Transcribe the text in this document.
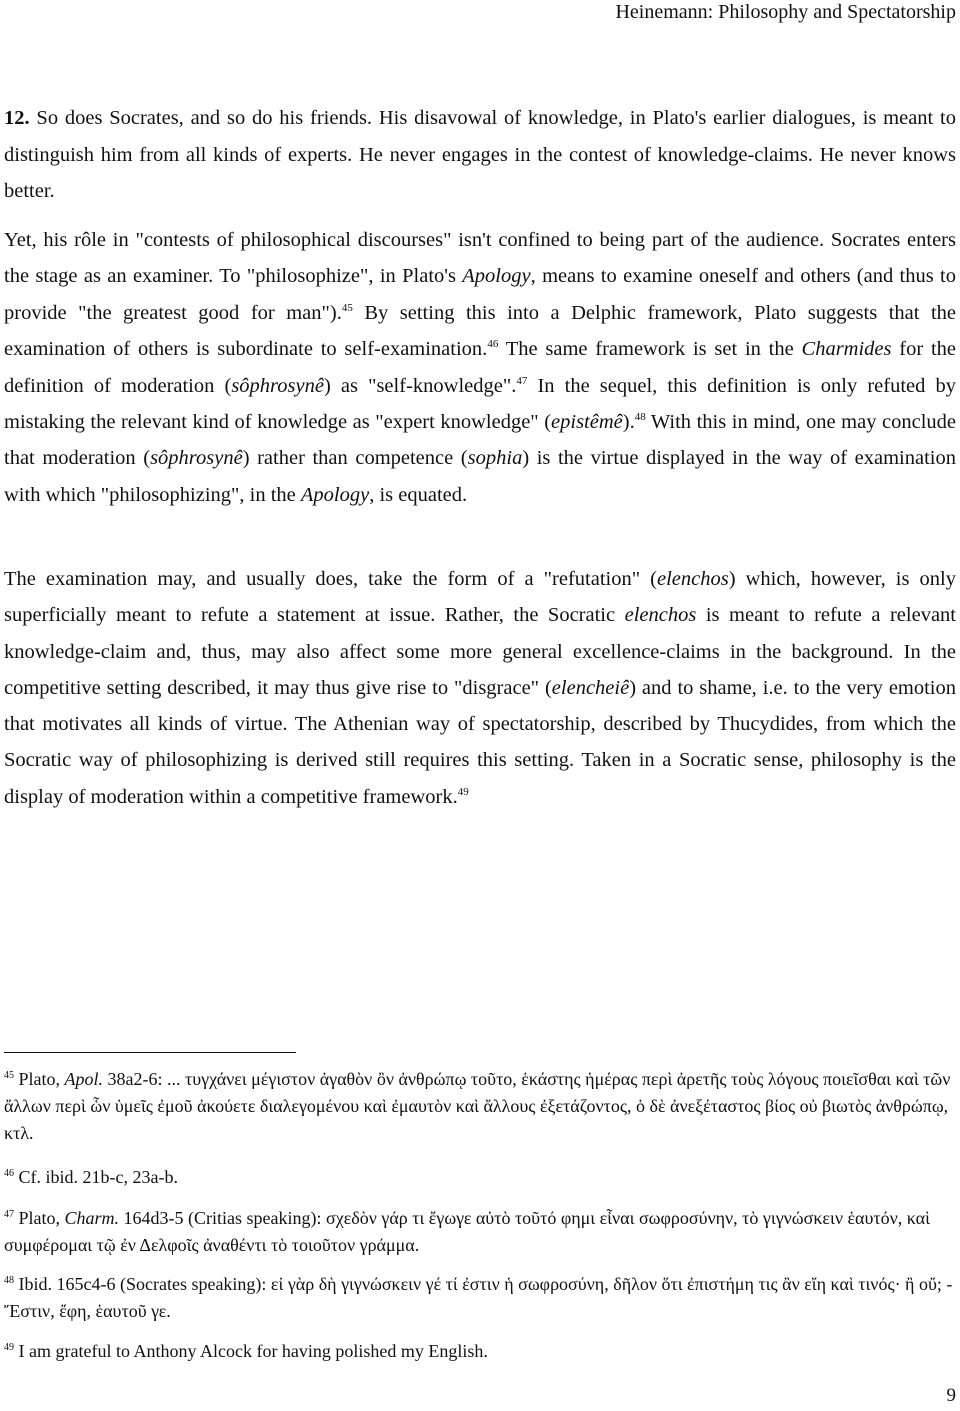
Heinemann: Philosophy and Spectatorship

12. So does Socrates, and so do his friends. His disavowal of knowledge, in Plato's earlier dialogues, is meant to distinguish him from all kinds of experts. He never engages in the contest of knowledge-claims. He never knows better.

Yet, his rôle in "contests of philosophical discourses" isn't confined to being part of the audience. Socrates enters the stage as an examiner. To "philosophize", in Plato's Apology, means to examine oneself and others (and thus to provide "the greatest good for man").$^{45}$ By setting this into a Delphic framework, Plato suggests that the examination of others is subordinate to self-examination.$^{46}$ The same framework is set in the Charmides for the definition of moderation (sôphrosynê) as "self-knowledge".$^{47}$ In the sequel, this definition is only refuted by mistaking the relevant kind of knowledge as "expert knowledge" (epistêmê).$^{48}$ With this in mind, one may conclude that moderation (sôphrosynê) rather than competence (sophia) is the virtue displayed in the way of examination with which "philosophizing", in the Apology, is equated.

The examination may, and usually does, take the form of a "refutation" (elenchos) which, however, is only superficially meant to refute a statement at issue. Rather, the Socratic elenchos is meant to refute a relevant knowledge-claim and, thus, may also affect some more general excellence-claims in the background. In the competitive setting described, it may thus give rise to "disgrace" (elencheiê) and to shame, i.e. to the very emotion that motivates all kinds of virtue. The Athenian way of spectatorship, described by Thucydides, from which the Socratic way of philosophizing is derived still requires this setting. Taken in a Socratic sense, philosophy is the display of moderation within a competitive framework.$^{49}$

$^{45}$ Plato, Apol. 38a2-6: ... τυγχάνει μέγιστον ἀγαθὸν ὂν ἀνθρώπῳ τοῦτο, ἑκάστης ἡμέρας περὶ ἀρετῆς τοὺς λόγους ποιεῖσθαι καὶ τῶν ἄλλων περὶ ὧν ὑμεῖς ἐμοῦ ἀκούετε διαλεγομένου καὶ ἐμαυτὸν καὶ ἄλλους ἐξετάζοντος, ὁ δὲ ἀνεξέταστος βίος οὐ βιωτὸς ἀνθρώπῳ, κτλ.

$^{46}$ Cf. ibid. 21b-c, 23a-b.

$^{47}$ Plato, Charm. 164d3-5 (Critias speaking): σχεδὸν γάρ τι ἔγωγε αὐτὸ τοῦτό φημι εἶναι σωφροσύνην, τὸ γιγνώσκειν ἑαυτόν, καὶ συμφέρομαι τῷ ἐν Δελφοῖς ἀναθέντι τὸ τοιοῦτον γράμμα.

$^{48}$ Ibid. 165c4-6 (Socrates speaking): εἰ γὰρ δὴ γιγνώσκειν γέ τί ἐστιν ἡ σωφροσύνη, δῆλον ὅτι ἐπιστήμη τις ἂν εἴη καὶ τινός· ἢ οὔ; - Ἔστιν, ἔφη, ἑαυτοῦ γε.

$^{49}$ I am grateful to Anthony Alcock for having polished my English.

9
